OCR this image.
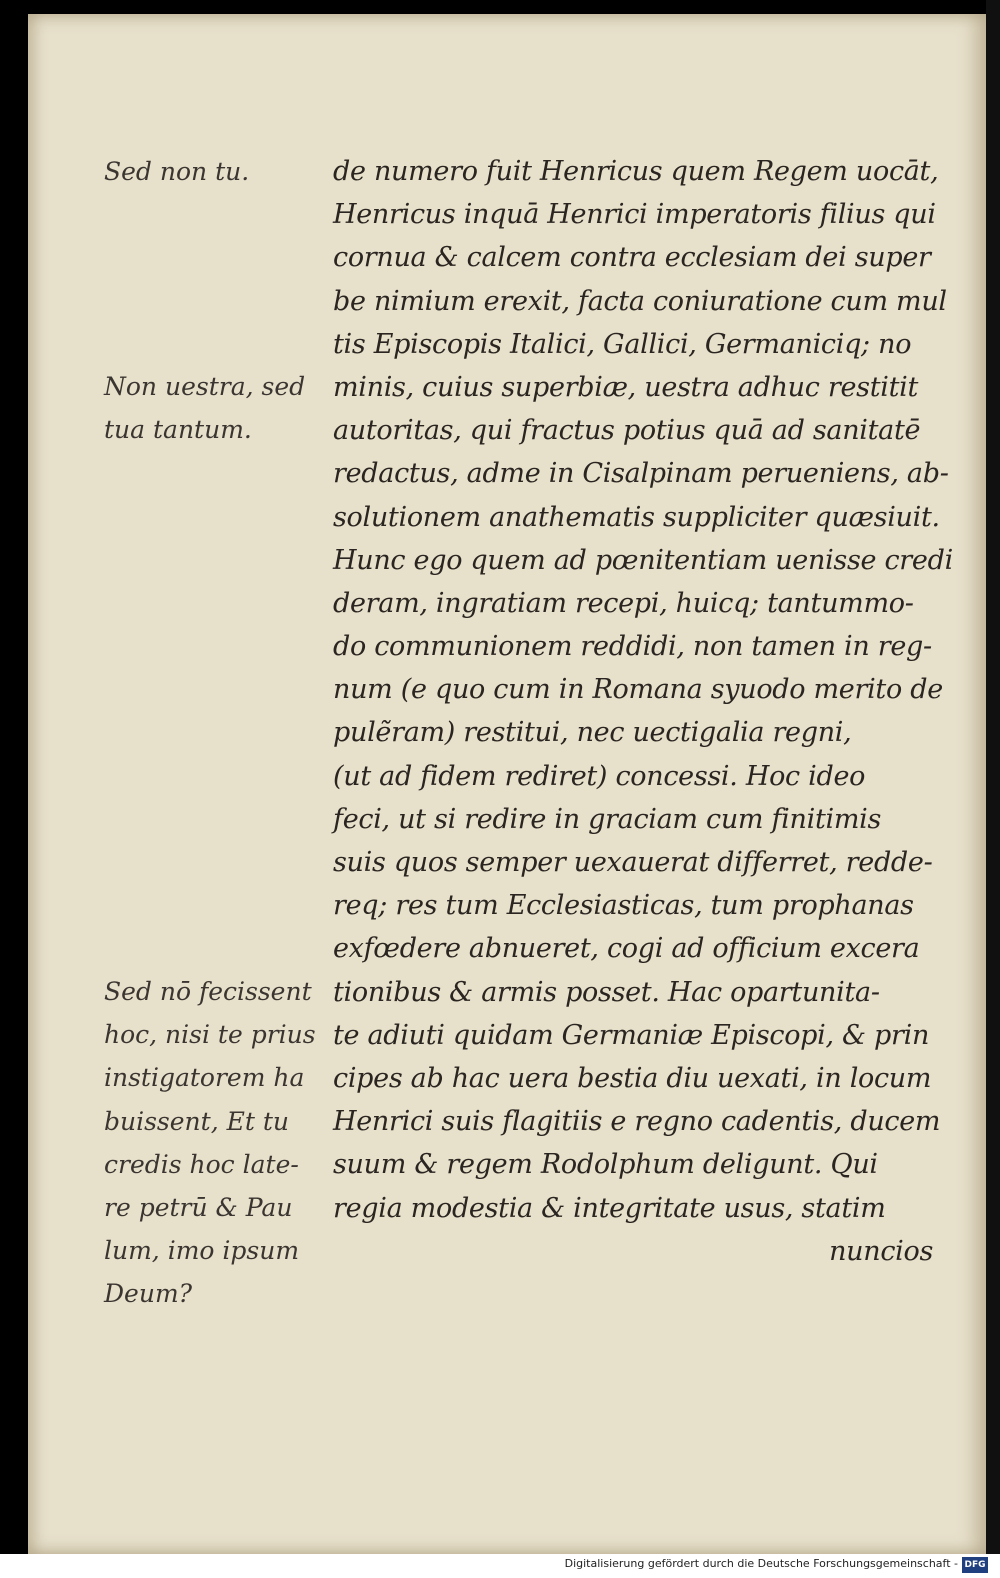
de numero fuit Henricus quem Regem uocāt,
Henricus inquā Henrici imperatoris filius qui
cornua & calcem contra ecclesiam dei super
be nimium erexit, facta coniuratione cum mul
tis Episcopis Italici, Gallici, Germaniciq; no
minis, cuius superbiæ, uestra adhuc restitit
autoritas, qui fractus potius quā ad sanitatē
redactus, adme in Cisalpinam perueniens, ab-
solutionem anathematis suppliciter quæsiuit.
Hunc ego quem ad pœnitentiam uenisse credi
deram, ingratiam recepi, huicq; tantummo-
do communionem reddidi, non tamen in reg-
num (e quo cum in Romana syuodo merito de
pulẽram) restitui, nec uectigalia regni,
(ut ad fidem rediret) concessi. Hoc ideo
feci, ut si redire in graciam cum finitimis
suis quos semper uexauerat differret, redde-
req; res tum Ecclesiasticas, tum prophanas
exfœdere abnueret, cogi ad officium excera
tionibus & armis posset. Hac opartunita-
te adiuti quidam Germaniæ Episcopi, & prin
cipes ab hac uera bestia diu uexati, in locum
Henrici suis flagitiis e regno cadentis, ducem
suum & regem Rodolphum deligunt. Qui
regia modestia & integritate usus, statim
nuncios
Sed non tu.
Non uestra, sed
tua tantum.
Sed nō fecissent
hoc, nisi te prius
instigatorem ha
buissent, Et tu
credis hoc late-
re petrū & Pau
lum, imo ipsum
Deum?
Digitalisierung gefördert durch die Deutsche Forschungsgemeinschaft - DFG
